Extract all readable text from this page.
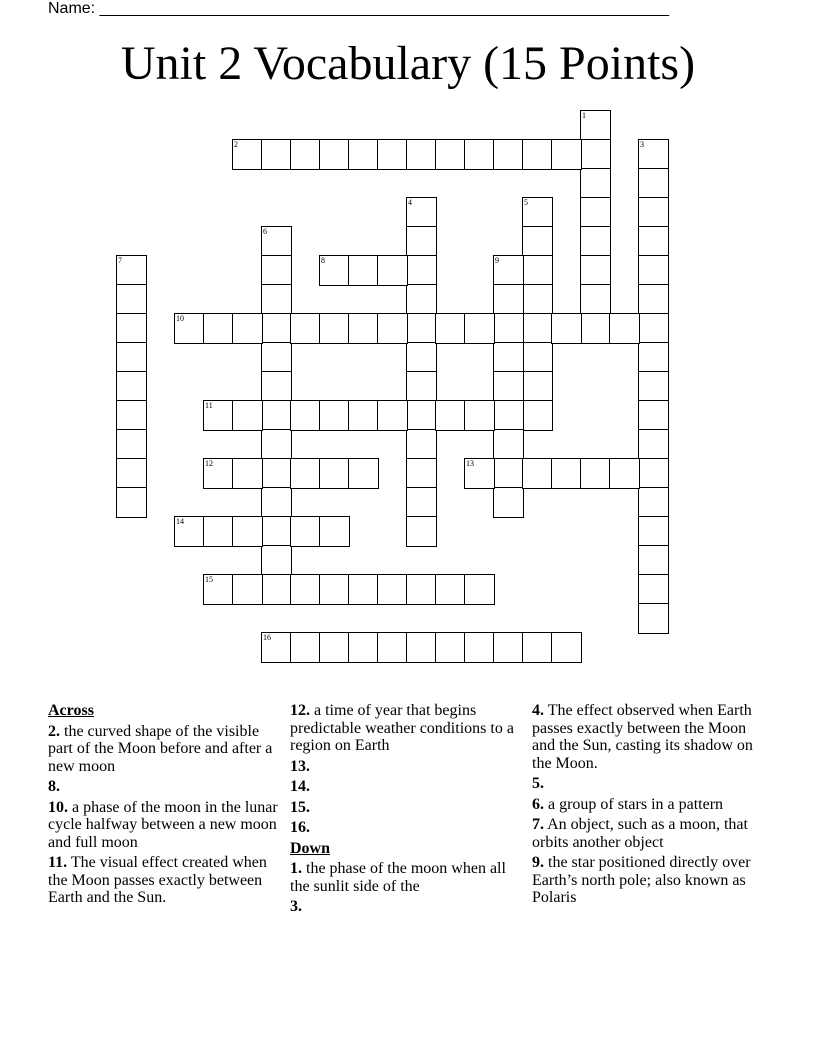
Name: ________________________________________________________________
Unit 2 Vocabulary (15 Points)
1
2	3
4	5
6
7	8	9
10
11
12	13
14
15
16
Across
2. the curved shape of the visible part of the Moon before and after a new moon
8.
10. a phase of the moon in the lunar cycle halfway between a new moon and full moon
11. The visual effect created when the Moon passes exactly between Earth and the Sun.
12. a time of year that begins predictable weather conditions to a region on Earth
13.
14.
15.
16.
Down
1. the phase of the moon when all the sunlit side of the
3.
4. The effect observed when Earth passes exactly between the Moon and the Sun, casting its shadow on the Moon.
5.
6. a group of stars in a pattern
7. An object, such as a moon, that orbits another object
9. the star positioned directly over Earth’s north pole; also known as Polaris
